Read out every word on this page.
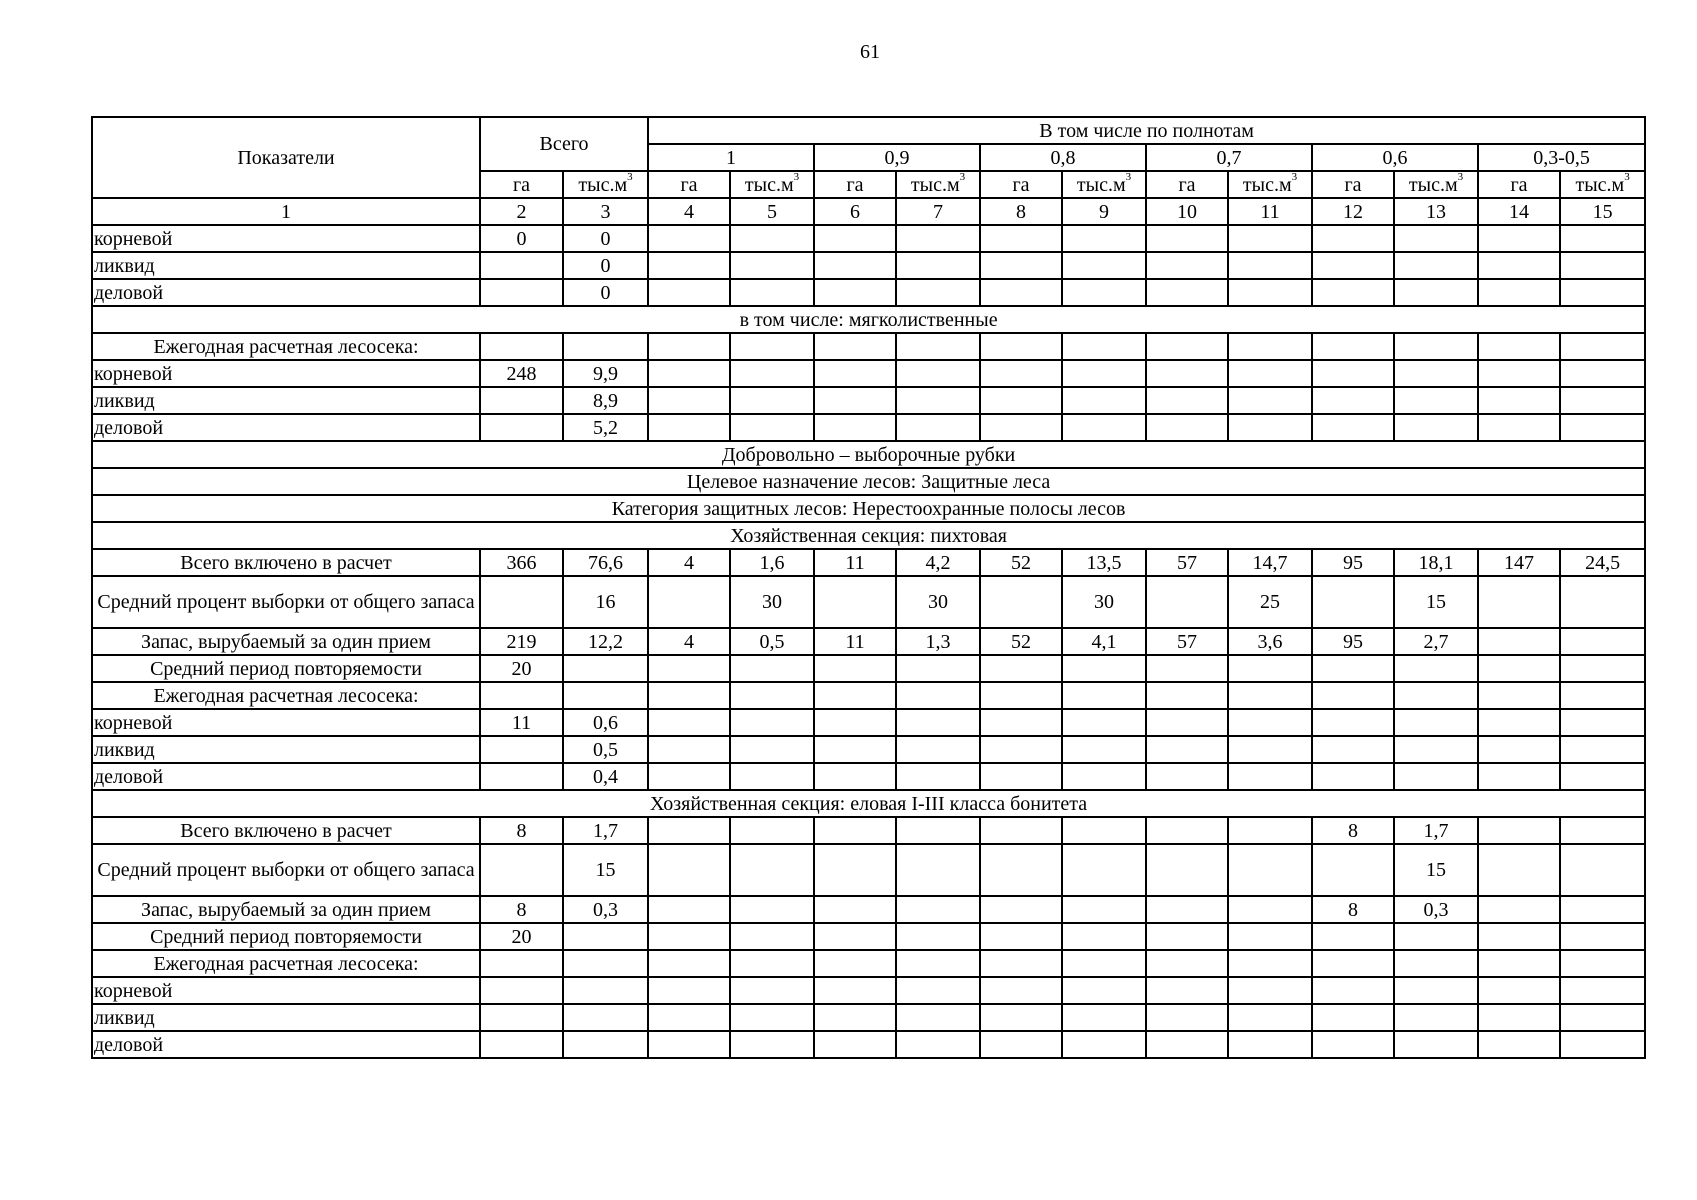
61
Показатели	Всего		В том числе по полнотам											
			1		0,9		0,8		0,7		0,6		0,3-0,5	
	га	$тыс.м^3$	га	$тыс.м^3$	га	$тыс.м^3$	га	$тыс.м^3$	га	$тыс.м^3$	га	$тыс.м^3$	га	$тыс.м^3$
1	2	3	4	5	6	7	8	9	10	11	12	13	14	15
корневой	0	0												
ликвид		0												
деловой		0												
в том числе: мягколиственные														
Ежегодная расчетная лесосека:														
корневой	248	9,9												
ликвид		8,9												
деловой		5,2												
Добровольно – выборочные рубки														
Целевое назначение лесов: Защитные леса														
Категория защитных лесов: Нерестоохранные полосы лесов														
Хозяйственная секция: пихтовая														
Всего включено в расчет	366	76,6	4	1,6	11	4,2	52	13,5	57	14,7	95	18,1	147	24,5
Средний процент выборки от общего запаса		16		30		30		30		25		15		
Запас, вырубаемый за один прием	219	12,2	4	0,5	11	1,3	52	4,1	57	3,6	95	2,7		
Средний период повторяемости	20													
Ежегодная расчетная лесосека:														
корневой	11	0,6												
ликвид		0,5												
деловой		0,4												
Хозяйственная секция: еловая I-III класса бонитета														
Всего включено в расчет	8	1,7									8	1,7		
Средний процент выборки от общего запаса		15										15		
Запас, вырубаемый за один прием	8	0,3									8	0,3		
Средний период повторяемости	20													
Ежегодная расчетная лесосека:														
корневой														
ликвид														
деловой														
